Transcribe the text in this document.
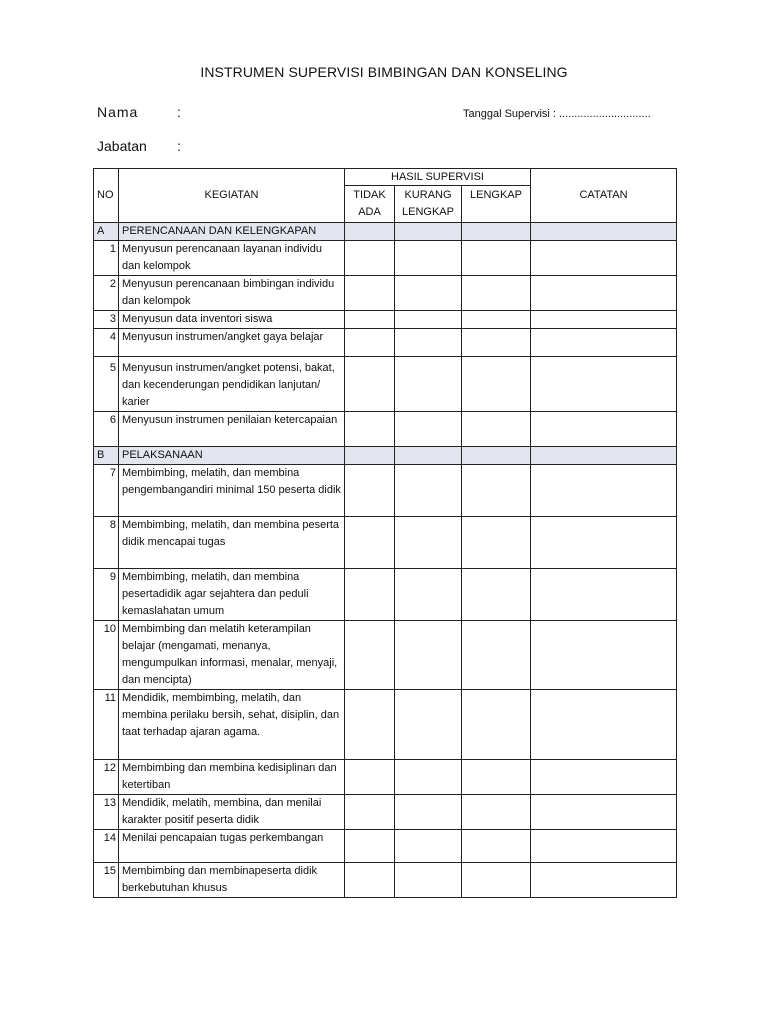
INSTRUMEN SUPERVISI BIMBINGAN DAN KONSELING
Nama	:	Tanggal Supervisi : ..............................
Jabatan :
NO	KEGIATAN	HASIL SUPERVISI			CATATAN
		TIDAK ADA	KURANG LENGKAP	LENGKAP	
A	PERENCANAAN DAN KELENGKAPAN				
1	Menyusun perencanaan layanan individu dan kelompok				
2	Menyusun perencanaan bimbingan individu dan kelompok				
3	Menyusun data inventori siswa				
4	Menyusun instrumen/angket gaya belajar				
5	Menyusun instrumen/angket potensi, bakat, dan kecenderungan pendidikan lanjutan/ karier				
6	Menyusun instrumen penilaian ketercapaian				
B	PELAKSANAAN				
7	Membimbing, melatih, dan membina pengembangandiri minimal 150 peserta didik				
8	Membimbing, melatih, dan membina peserta didik mencapai tugas				
9	Membimbing, melatih, dan membina pesertadidik agar sejahtera dan peduli kemaslahatan umum				
10	Membimbing dan melatih keterampilan belajar (mengamati, menanya, mengumpulkan informasi, menalar, menyaji, dan mencipta)				
11	Mendidik, membimbing, melatih, dan membina perilaku bersih, sehat, disiplin, dan taat terhadap ajaran agama.				
12	Membimbing dan membina kedisiplinan dan ketertiban				
13	Mendidik, melatih, membina, dan menilai karakter positif peserta didik				
14	Menilai pencapaian tugas perkembangan				
15	Membimbing dan membinapeserta didik berkebutuhan khusus				
